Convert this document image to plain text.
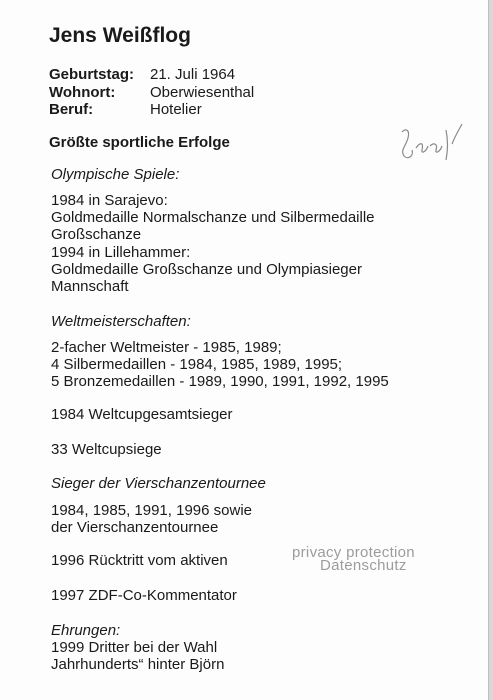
Jens Weißflog
Geburtstag: 21. Juli 1964
Wohnort: Oberwiesenthal
Beruf:	Hotelier
Größte sportliche Erfolge
Olympische Spiele:
1984 in Sarajevo:
Goldmedaille Normalschanze und Silbermedaille
Großschanze
1994 in Lillehammer:
Goldmedaille Großschanze und Olympiasieger
Mannschaft
Weltmeisterschaften:
2-facher Weltmeister - 1985, 1989;
4 Silbermedaillen - 1984, 1985, 1989, 1995;
5 Bronzemedaillen - 1989, 1990, 1991, 1992, 1995
1984 Weltcupgesamtsieger
33 Weltcupsiege
Sieger der Vierschanzentournee
1984, 1985, 1991, 1996 sowie
der Vierschanzentournee
1996 Rücktritt vom aktiven
1997 ZDF-Co-Kommentator
Ehrungen:
1999 Dritter bei der Wahl
Jahrhunderts“ hinter Björn
privacy protection
Datenschutz
